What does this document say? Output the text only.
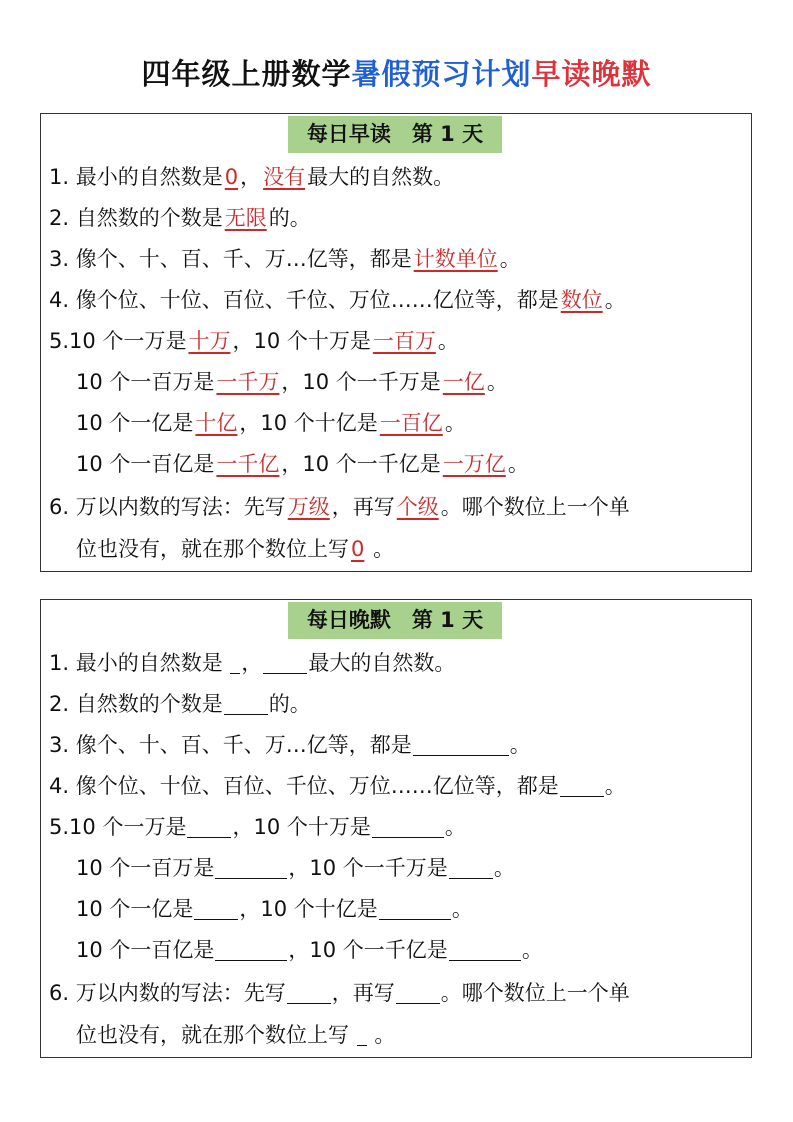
四年级上册数学暑假预习计划早读晚默
每日早读　第 1 天
1. 最小的自然数是0，没有最大的自然数。
2. 自然数的个数是无限的。
3. 像个、十、百、千、万…亿等，都是计数单位。
4. 像个位、十位、百位、千位、万位……亿位等，都是数位。
5.10 个一万是十万，10 个十万是一百万。
10 个一百万是一千万，10 个一千万是一亿。
10 个一亿是十亿，10 个十亿是一百亿。
10 个一百亿是一千亿，10 个一千亿是一万亿。
6. 万以内数的写法：先写万级，再写个级。哪个数位上一个单
位也没有，就在那个数位上写0 。
每日晚默　第 1 天
1. 最小的自然数是 ， 最大的自然数。
2. 自然数的个数是 的。
3. 像个、十、百、千、万…亿等，都是	。
4. 像个位、十位、百位、千位、万位……亿位等，都是 。
5.10 个一万是 ，10 个十万是	。
10 个一百万是	，10 个一千万是 。
10 个一亿是 ，10 个十亿是	。
10 个一百亿是	，10 个一千亿是	。
6. 万以内数的写法：先写 ，再写 。哪个数位上一个单
位也没有，就在那个数位上写 。
